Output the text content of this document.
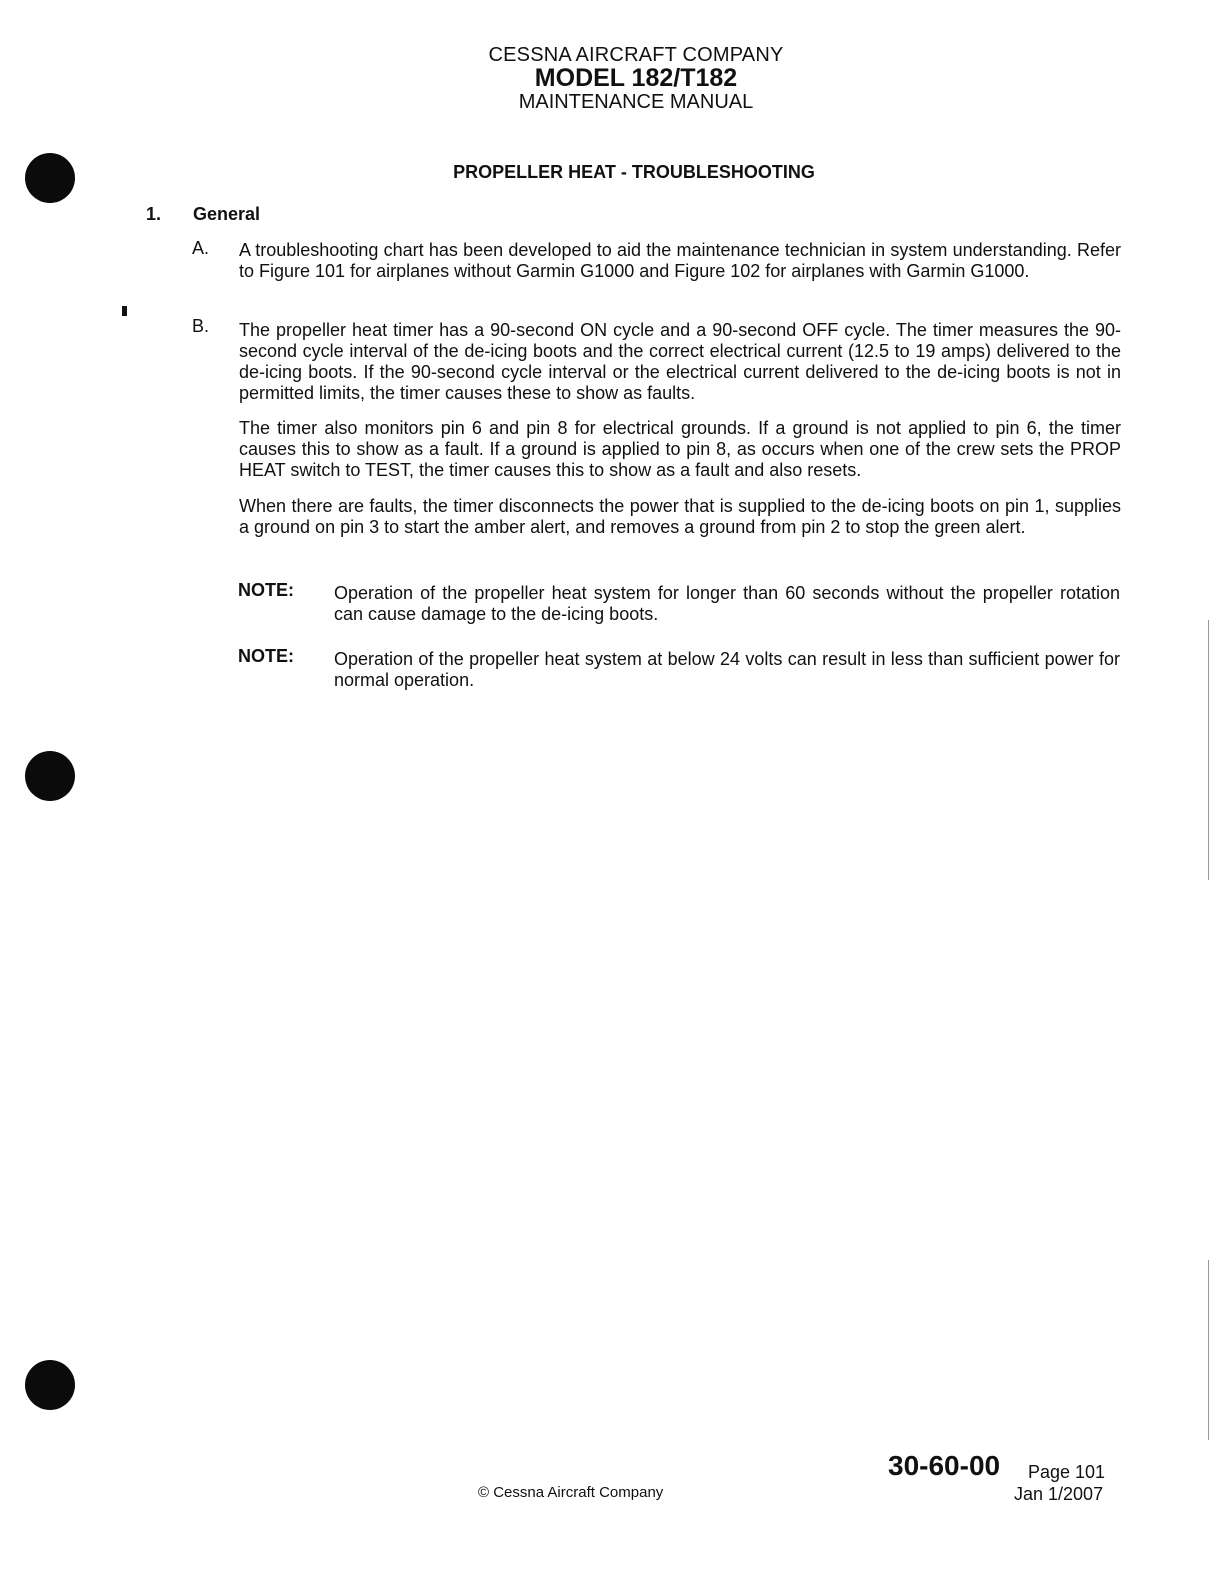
CESSNA AIRCRAFT COMPANY
MODEL 182/T182
MAINTENANCE MANUAL
PROPELLER HEAT - TROUBLESHOOTING
1. General
A. A troubleshooting chart has been developed to aid the maintenance technician in system understanding. Refer to Figure 101 for airplanes without Garmin G1000 and Figure 102 for airplanes with Garmin G1000.

B. The propeller heat timer has a 90-second ON cycle and a 90-second OFF cycle. The timer measures the 90-second cycle interval of the de-icing boots and the correct electrical current (12.5 to 19 amps) delivered to the de-icing boots. If the 90-second cycle interval or the electrical current delivered to the de-icing boots is not in permitted limits, the timer causes these to show as faults.

The timer also monitors pin 6 and pin 8 for electrical grounds. If a ground is not applied to pin 6, the timer causes this to show as a fault. If a ground is applied to pin 8, as occurs when one of the crew sets the PROP HEAT switch to TEST, the timer causes this to show as a fault and also resets.

When there are faults, the timer disconnects the power that is supplied to the de-icing boots on pin 1, supplies a ground on pin 3 to start the amber alert, and removes a ground from pin 2 to stop the green alert.

NOTE: Operation of the propeller heat system for longer than 60 seconds without the propeller rotation can cause damage to the de-icing boots.

NOTE: Operation of the propeller heat system at below 24 volts can result in less than sufficient power for normal operation.

© Cessna Aircraft Company
30-60-00 Page 101
Jan 1/2007
